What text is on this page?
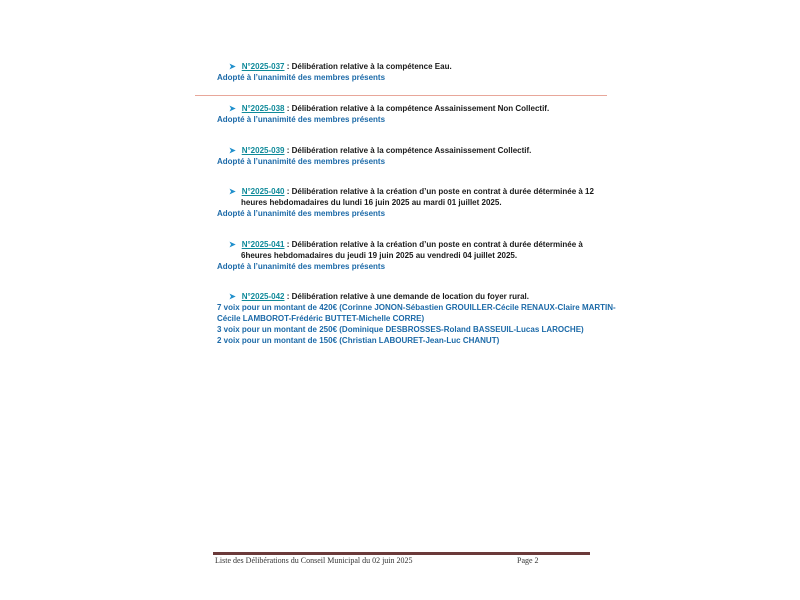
➤ N°2025-037 : Délibération relative à la compétence Eau.
Adopté à l’unanimité des membres présents
➤ N°2025-038 : Délibération relative à la compétence Assainissement Non Collectif.
Adopté à l’unanimité des membres présents
➤ N°2025-039 : Délibération relative à la compétence Assainissement Collectif.
Adopté à l’unanimité des membres présents
➤ N°2025-040 : Délibération relative à la création d’un poste en contrat à durée déterminée à 12
heures hebdomadaires du lundi 16 juin 2025 au mardi 01 juillet 2025.
Adopté à l’unanimité des membres présents
➤ N°2025-041 : Délibération relative à la création d’un poste en contrat à durée déterminée à
6heures hebdomadaires du jeudi 19 juin 2025 au vendredi 04 juillet 2025.
Adopté à l’unanimité des membres présents
➤ N°2025-042 : Délibération relative à une demande de location du foyer rural.
7 voix pour un montant de 420€ (Corinne JONON-Sébastien GROUILLER-Cécile RENAUX-Claire MARTIN-
Cécile LAMBOROT-Frédéric BUTTET-Michelle CORRE)
3 voix pour un montant de 250€ (Dominique DESBROSSES-Roland BASSEUIL-Lucas LAROCHE)
2 voix pour un montant de 150€ (Christian LABOURET-Jean-Luc CHANUT)
Liste des Délibérations du Conseil Municipal du 02 juin 2025	Page 2
